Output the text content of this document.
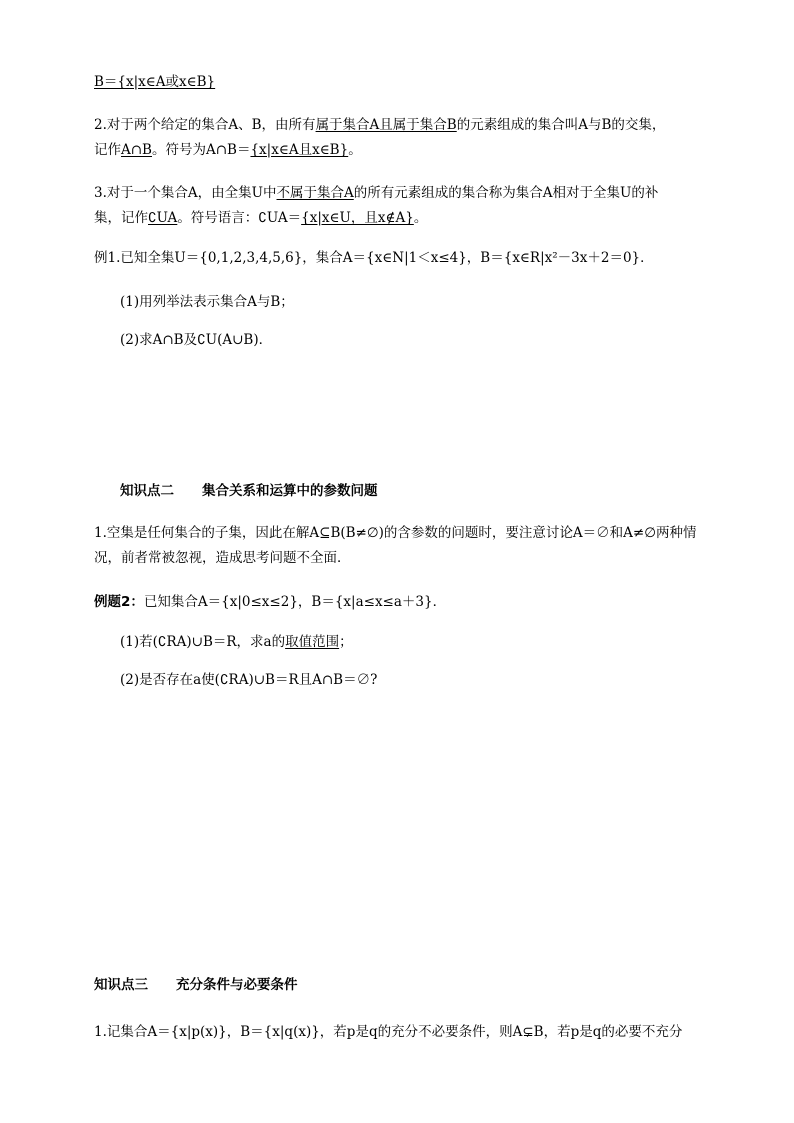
B＝{x|x∈A或x∈B}
2.对于两个给定的集合A、B，由所有属于集合A且属于集合B的元素组成的集合叫A与B的交集，
记作A∩B。符号为A∩B＝{x|x∈A且x∈B}。
3.对于一个集合A，由全集U中不属于集合A的所有元素组成的集合称为集合A相对于全集U的补
集，记作∁UA。符号语言：∁UA＝{x|x∈U，且x∉A}。
例1.已知全集U＝{0,1,2,3,4,5,6}，集合A＝{x∈N|1＜x≤4}，B＝{x∈R|x²－3x＋2＝0}．
(1)用列举法表示集合A与B；
(2)求A∩B及∁U(A∪B)．
知识点二 集合关系和运算中的参数问题
1.空集是任何集合的子集，因此在解A⊆B(B≠∅)的含参数的问题时，要注意讨论A＝∅和A≠∅两种情
况，前者常被忽视，造成思考问题不全面．
例题2：已知集合A＝{x|0≤x≤2}，B＝{x|a≤x≤a＋3}．
(1)若(∁RA)∪B＝R，求a的取值范围；
(2)是否存在a使(∁RA)∪B＝R且A∩B＝∅?
知识点三 充分条件与必要条件
1.记集合A＝{x|p(x)}，B＝{x|q(x)}，若p是q的充分不必要条件，则A⊊B，若p是q的必要不充分
